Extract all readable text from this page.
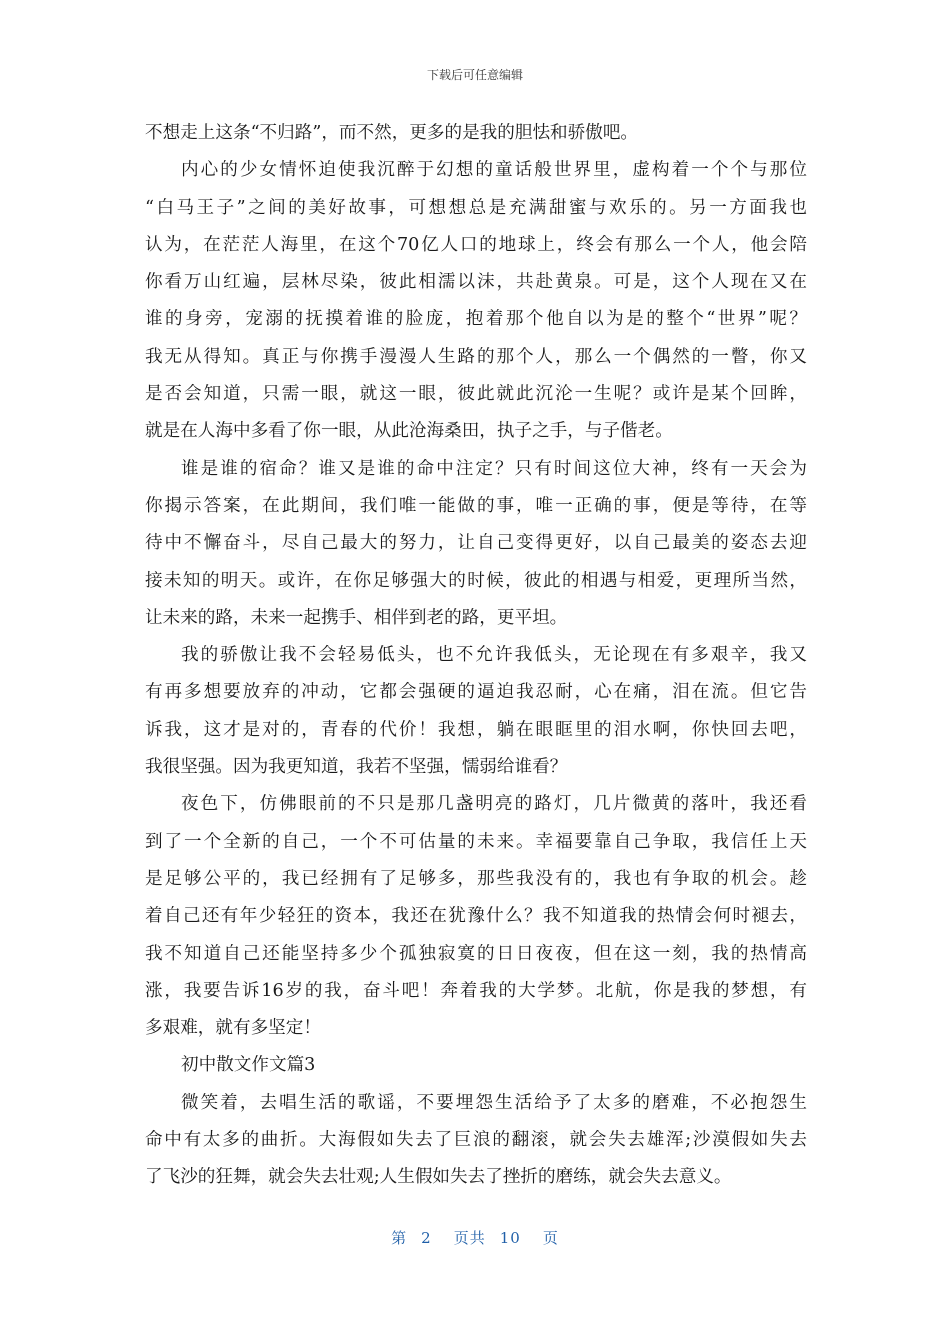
下载后可任意编辑
不想走上这条“不归路”，而不然，更多的是我的胆怯和骄傲吧。
内心的少女情怀迫使我沉醉于幻想的童话般世界里，虚构着一个个与那位
“白马王子”之间的美好故事，可想想总是充满甜蜜与欢乐的。另一方面我也
认为，在茫茫人海里，在这个70亿人口的地球上，终会有那么一个人，他会陪
你看万山红遍，层林尽染，彼此相濡以沫，共赴黄泉。可是，这个人现在又在
谁的身旁，宠溺的抚摸着谁的脸庞，抱着那个他自以为是的整个“世界”呢？
我无从得知。真正与你携手漫漫人生路的那个人，那么一个偶然的一瞥，你又
是否会知道，只需一眼，就这一眼，彼此就此沉沦一生呢？或许是某个回眸，
就是在人海中多看了你一眼，从此沧海桑田，执子之手，与子偕老。
谁是谁的宿命？谁又是谁的命中注定？只有时间这位大神，终有一天会为
你揭示答案，在此期间，我们唯一能做的事，唯一正确的事，便是等待，在等
待中不懈奋斗，尽自己最大的努力，让自己变得更好，以自己最美的姿态去迎
接未知的明天。或许，在你足够强大的时候，彼此的相遇与相爱，更理所当然，
让未来的路，未来一起携手、相伴到老的路，更平坦。
我的骄傲让我不会轻易低头，也不允许我低头，无论现在有多艰辛，我又
有再多想要放弃的冲动，它都会强硬的逼迫我忍耐，心在痛，泪在流。但它告
诉我，这才是对的，青春的代价！我想，躺在眼眶里的泪水啊，你快回去吧，
我很坚强。因为我更知道，我若不坚强，懦弱给谁看？
夜色下，仿佛眼前的不只是那几盏明亮的路灯，几片微黄的落叶，我还看
到了一个全新的自己，一个不可估量的未来。幸福要靠自己争取，我信任上天
是足够公平的，我已经拥有了足够多，那些我没有的，我也有争取的机会。趁
着自己还有年少轻狂的资本，我还在犹豫什么？我不知道我的热情会何时褪去，
我不知道自己还能坚持多少个孤独寂寞的日日夜夜，但在这一刻，我的热情高
涨，我要告诉16岁的我，奋斗吧！奔着我的大学梦。北航，你是我的梦想，有
多艰难，就有多坚定！
初中散文作文篇3
微笑着，去唱生活的歌谣，不要埋怨生活给予了太多的磨难，不必抱怨生
命中有太多的曲折。大海假如失去了巨浪的翻滚，就会失去雄浑;沙漠假如失去
了飞沙的狂舞，就会失去壮观;人生假如失去了挫折的磨练，就会失去意义。
第 2 页共 10 页
